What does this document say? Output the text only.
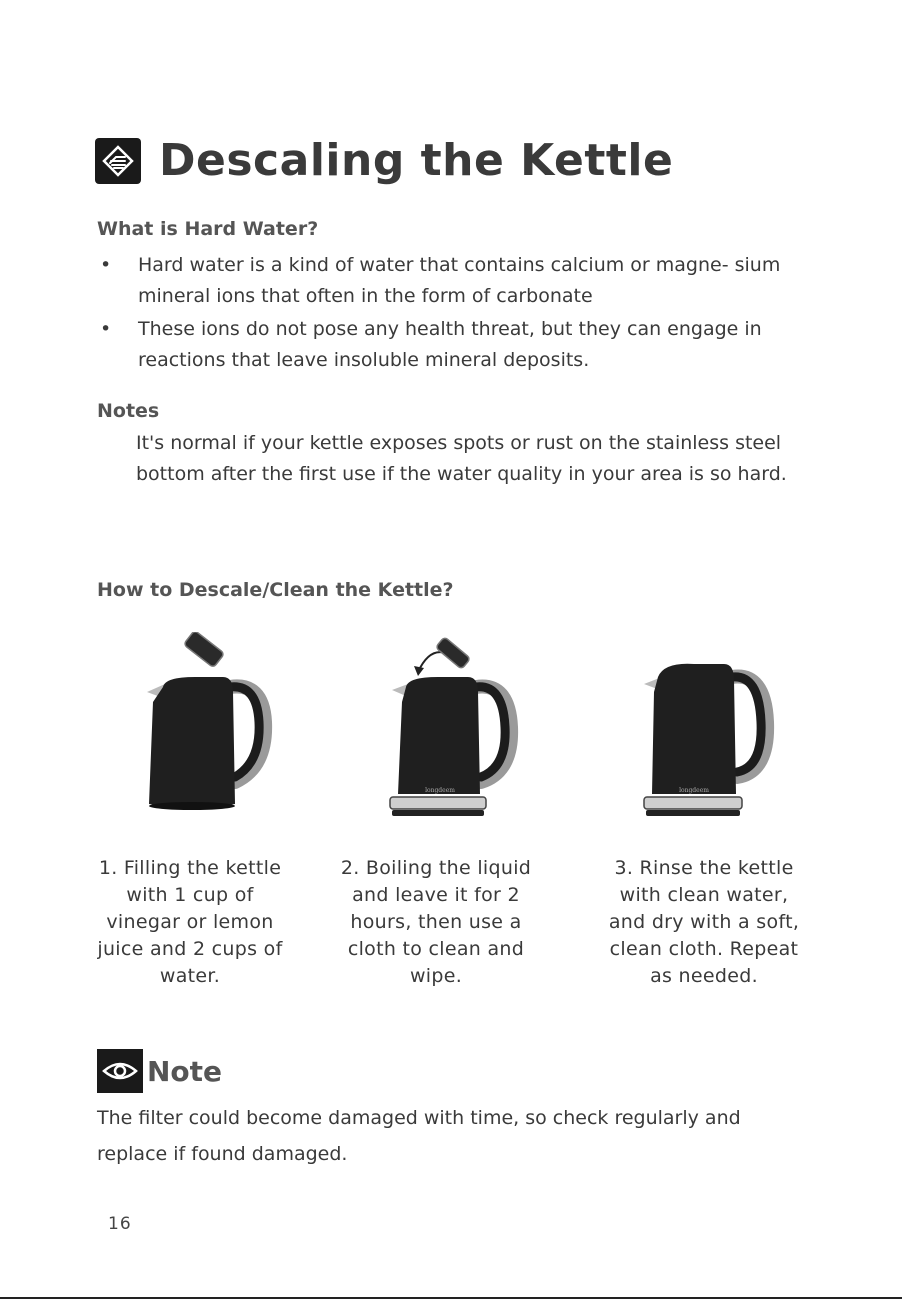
Descaling the Kettle
What is Hard Water?
• Hard water is a kind of water that contains calcium or magne- sium mineral ions that often in the form of carbonate
• These ions do not pose any health threat, but they can engage in reactions that leave insoluble mineral deposits.
Notes
It's normal if your kettle exposes spots or rust on the stainless steel bottom after the first use if the water quality in your area is so hard.
How to Descale/Clean the Kettle?
longdeem	longdeem
1. Filling the kettle with 1 cup of vinegar or lemon juice and 2 cups of water.
2. Boiling the liquid and leave it for 2 hours, then use a cloth to clean and wipe.
3. Rinse the kettle with clean water, and dry with a soft, clean cloth. Repeat as needed.
Note
The filter could become damaged with time, so check regularly and replace if found damaged.
16
